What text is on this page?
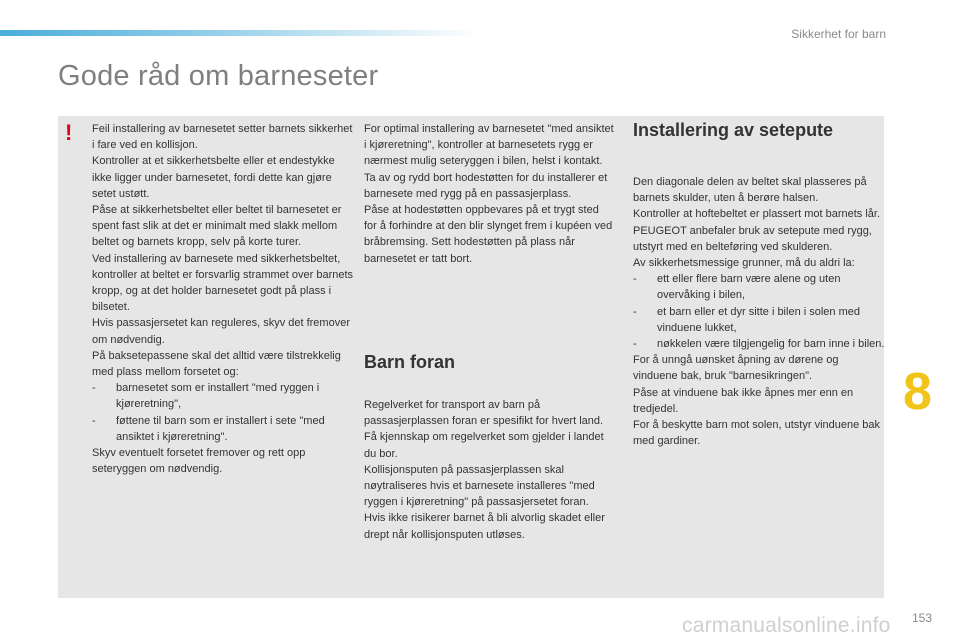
Sikkerhet for barn
Gode råd om barneseter
! Feil installering av barnesetet setter barnets sikkerhet i fare ved en kollisjon.

Kontroller at et sikkerhetsbelte eller et endestykke ikke ligger under barnesetet, fordi dette kan gjøre setet ustøtt.

Påse at sikkerhetsbeltet eller beltet til barnesetet er spent fast slik at det er minimalt med slakk mellom beltet og barnets kropp, selv på korte turer.

Ved installering av barnesete med sikkerhetsbeltet, kontroller at beltet er forsvarlig strammet over barnets kropp, og at det holder barnesetet godt på plass i bilsetet.

Hvis passasjersetet kan reguleres, skyv det fremover om nødvendig.

På baksetepassene skal det alltid være tilstrekkelig med plass mellom forsetet og:

-	barnesetet som er installert "med ryggen i kjøreretning",
-	føttene til barn som er installert i sete "med ansiktet i kjøreretning".

Skyv eventuelt forsetet fremover og rett opp seteryggen om nødvendig.

For optimal installering av barnesetet "med ansiktet i kjøreretning", kontroller at barnesetets rygg er nærmest mulig seteryggen i bilen, helst i kontakt.

Ta av og rydd bort hodestøtten for du installerer et barnesete med rygg på en passasjerplass.

Påse at hodestøtten oppbevares på et trygt sted for å forhindre at den blir slynget frem i kupéen ved bråbremsing. Sett hodestøtten på plass når barnesetet er tatt bort.

Barn foran

Regelverket for transport av barn på passasjerplassen foran er spesifikt for hvert land. Få kjennskap om regelverket som gjelder i landet du bor.

Kollisjonsputen på passasjerplassen skal nøytraliseres hvis et barnesete installeres "med ryggen i kjøreretning" på passasjersetet foran.

Hvis ikke risikerer barnet å bli alvorlig skadet eller drept når kollisjonsputen utløses.

Installering av setepute

Den diagonale delen av beltet skal plasseres på barnets skulder, uten å berøre halsen.

Kontroller at hoftebeltet er plassert mot barnets lår.

PEUGEOT anbefaler bruk av setepute med rygg, utstyrt med en belteføring ved skulderen.

Av sikkerhetsmessige grunner, må du aldri la:

-	ett eller flere barn være alene og uten overvåking i bilen,
-	et barn eller et dyr sitte i bilen i solen med vinduene lukket,
-	nøkkelen være tilgjengelig for barn inne i bilen.

For å unngå uønsket åpning av dørene og vinduene bak, bruk "barnesikringen".

Påse at vinduene bak ikke åpnes mer enn en tredjedel.

For å beskytte barn mot solen, utstyr vinduene bak med gardiner.

8
carmanualsonline.info 153
